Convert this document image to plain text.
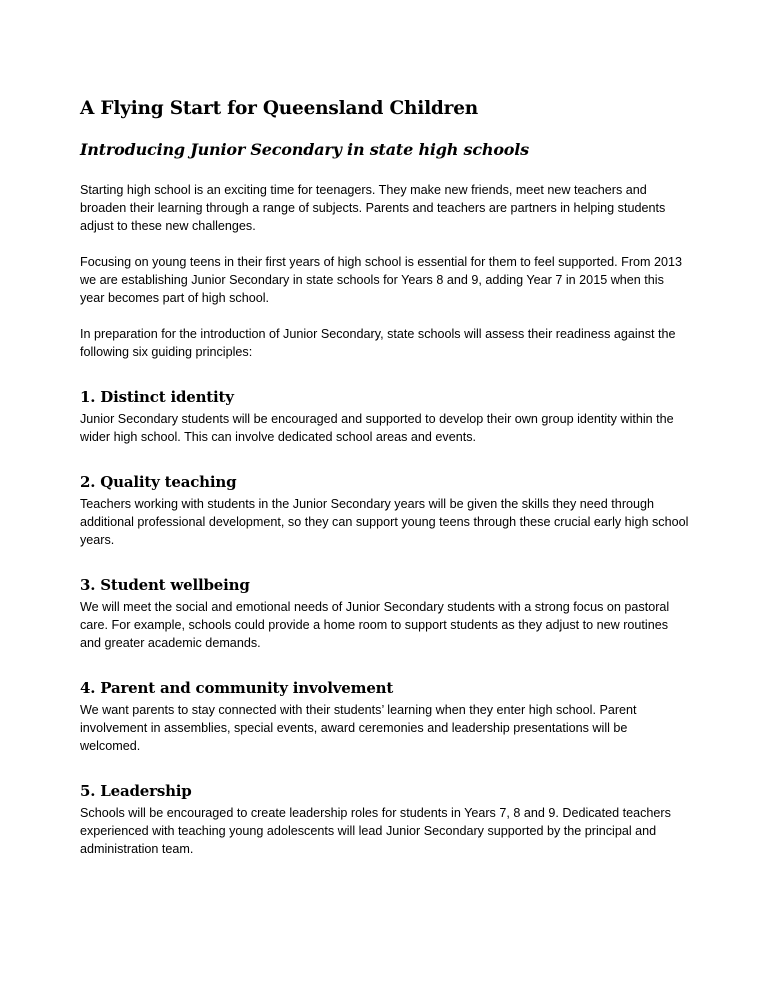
A Flying Start for Queensland Children
Introducing Junior Secondary in state high schools

Starting high school is an exciting time for teenagers. They make new friends, meet new teachers and broaden their learning through a range of subjects. Parents and teachers are partners in helping students adjust to these new challenges.

Focusing on young teens in their first years of high school is essential for them to feel supported. From 2013 we are establishing Junior Secondary in state schools for Years 8 and 9, adding Year 7 in 2015 when this year becomes part of high school.

In preparation for the introduction of Junior Secondary, state schools will assess their readiness against the following six guiding principles:

1. Distinct identity

Junior Secondary students will be encouraged and supported to develop their own group identity within the wider high school. This can involve dedicated school areas and events.

2. Quality teaching

Teachers working with students in the Junior Secondary years will be given the skills they need through additional professional development, so they can support young teens through these crucial early high school years.

3. Student wellbeing

We will meet the social and emotional needs of Junior Secondary students with a strong focus on pastoral care. For example, schools could provide a home room to support students as they adjust to new routines and greater academic demands.

4. Parent and community involvement

We want parents to stay connected with their students’ learning when they enter high school. Parent involvement in assemblies, special events, award ceremonies and leadership presentations will be welcomed.

5. Leadership

Schools will be encouraged to create leadership roles for students in Years 7, 8 and 9. Dedicated teachers experienced with teaching young adolescents will lead Junior Secondary supported by the principal and administration team.
